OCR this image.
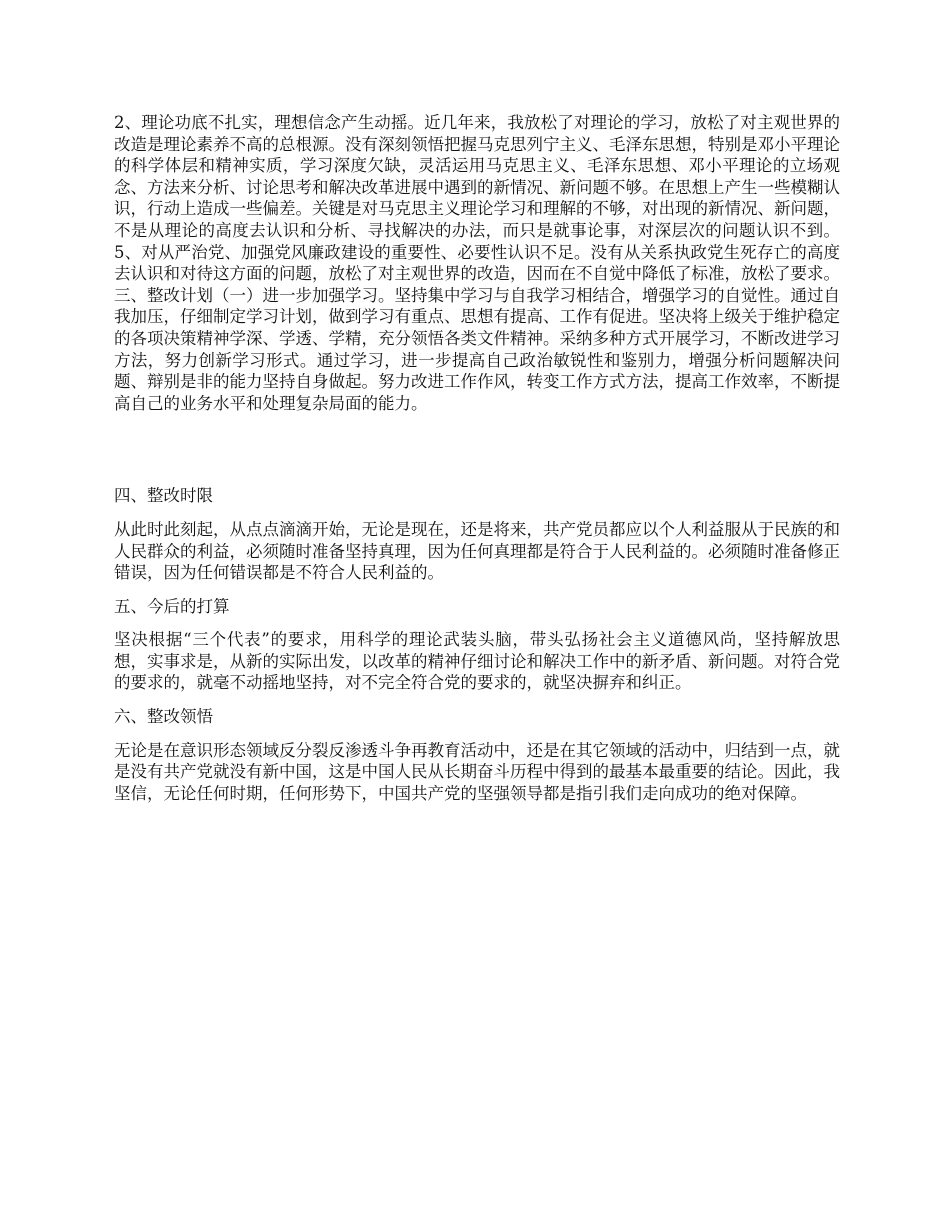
2、理论功底不扎实，理想信念产生动摇。近几年来，我放松了对理论的学习，放松了对主观世界的改造是理论素养不高的总根源。没有深刻领悟把握马克思列宁主义、毛泽东思想，特别是邓小平理论的科学体层和精神实质，学习深度欠缺，灵活运用马克思主义、毛泽东思想、邓小平理论的立场观念、方法来分析、讨论思考和解决改革进展中遇到的新情况、新问题不够。在思想上产生一些模糊认识，行动上造成一些偏差。关键是对马克思主义理论学习和理解的不够，对出现的新情况、新问题，不是从理论的高度去认识和分析、寻找解决的办法，而只是就事论事，对深层次的问题认识不到。5、对从严治党、加强党风廉政建设的重要性、必要性认识不足。没有从关系执政党生死存亡的高度去认识和对待这方面的问题，放松了对主观世界的改造，因而在不自觉中降低了标准，放松了要求。三、整改计划（一）进一步加强学习。坚持集中学习与自我学习相结合，增强学习的自觉性。通过自我加压，仔细制定学习计划，做到学习有重点、思想有提高、工作有促进。坚决将上级关于维护稳定的各项决策精神学深、学透、学精，充分领悟各类文件精神。采纳多种方式开展学习，不断改进学习方法，努力创新学习形式。通过学习，进一步提高自己政治敏锐性和鉴别力，增强分析问题解决问题、辩别是非的能力坚持自身做起。努力改进工作作风，转变工作方式方法，提高工作效率，不断提高自己的业务水平和处理复杂局面的能力。

四、整改时限

从此时此刻起，从点点滴滴开始，无论是现在，还是将来，共产党员都应以个人利益服从于民族的和人民群众的利益，必须随时准备坚持真理，因为任何真理都是符合于人民利益的。必须随时准备修正错误，因为任何错误都是不符合人民利益的。

五、今后的打算

坚决根据“三个代表”的要求，用科学的理论武装头脑，带头弘扬社会主义道德风尚，坚持解放思想，实事求是，从新的实际出发，以改革的精神仔细讨论和解决工作中的新矛盾、新问题。对符合党的要求的，就毫不动摇地坚持，对不完全符合党的要求的，就坚决摒弃和纠正。

六、整改领悟

无论是在意识形态领域反分裂反渗透斗争再教育活动中，还是在其它领域的活动中，归结到一点，就是没有共产党就没有新中国，这是中国人民从长期奋斗历程中得到的最基本最重要的结论。因此，我坚信，无论任何时期，任何形势下，中国共产党的坚强领导都是指引我们走向成功的绝对保障。
